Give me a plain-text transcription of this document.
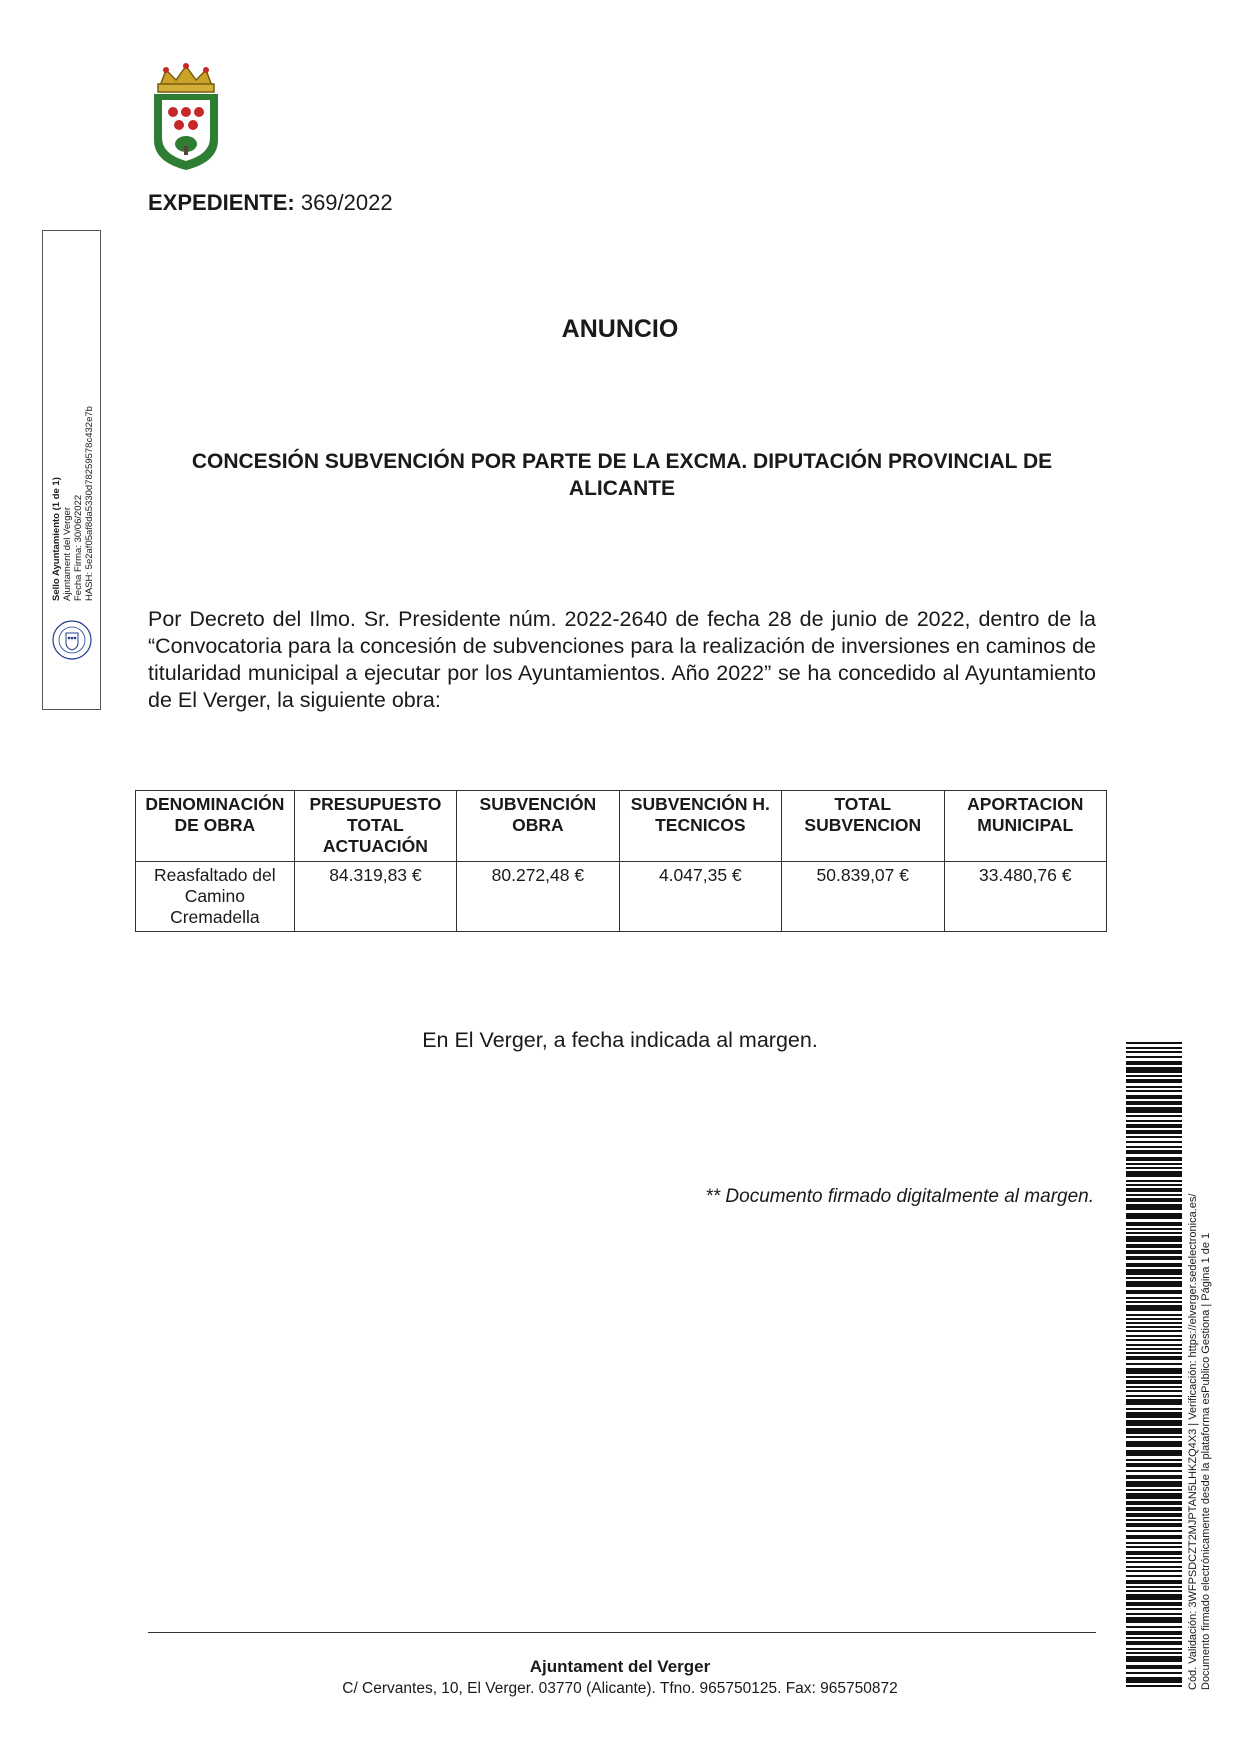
EXPEDIENTE: 369/2022
Sello Ayuntamiento (1 de 1) Ajuntament del Verger Fecha Firma: 30/06/2022 HASH: 5e2af05af8da5330d78259578c432e7b
ANUNCIO
CONCESIÓN SUBVENCIÓN POR PARTE DE LA EXCMA. DIPUTACIÓN PROVINCIAL DE ALICANTE
Por Decreto del Ilmo. Sr. Presidente núm. 2022-2640 de fecha 28 de junio de 2022, dentro de la “Convocatoria para la concesión de subvenciones para la realización de inversiones en caminos de titularidad municipal a ejecutar por los Ayuntamientos. Año 2022” se ha concedido al Ayuntamiento de El Verger, la siguiente obra:
DENOMINACIÓN DE OBRA	PRESUPUESTO TOTAL ACTUACIÓN	SUBVENCIÓN OBRA	SUBVENCIÓN H. TECNICOS	TOTAL SUBVENCION	APORTACION MUNICIPAL
Reasfaltado del Camino Cremadella	84.319,83 €	80.272,48 €	4.047,35 €	50.839,07 €	33.480,76 €
En El Verger, a fecha indicada al margen.
** Documento firmado digitalmente al margen.
Ajuntament del Verger
C/ Cervantes, 10, El Verger. 03770 (Alicante). Tfno. 965750125. Fax: 965750872	Cód. Validación: 3WFPSDCZT2MJPTAN5LHKZQ4X3 | Verificación: https://elverger.sedelectronica.es/ Documento firmado electrónicamente desde la plataforma esPublico Gestiona | Página 1 de 1
